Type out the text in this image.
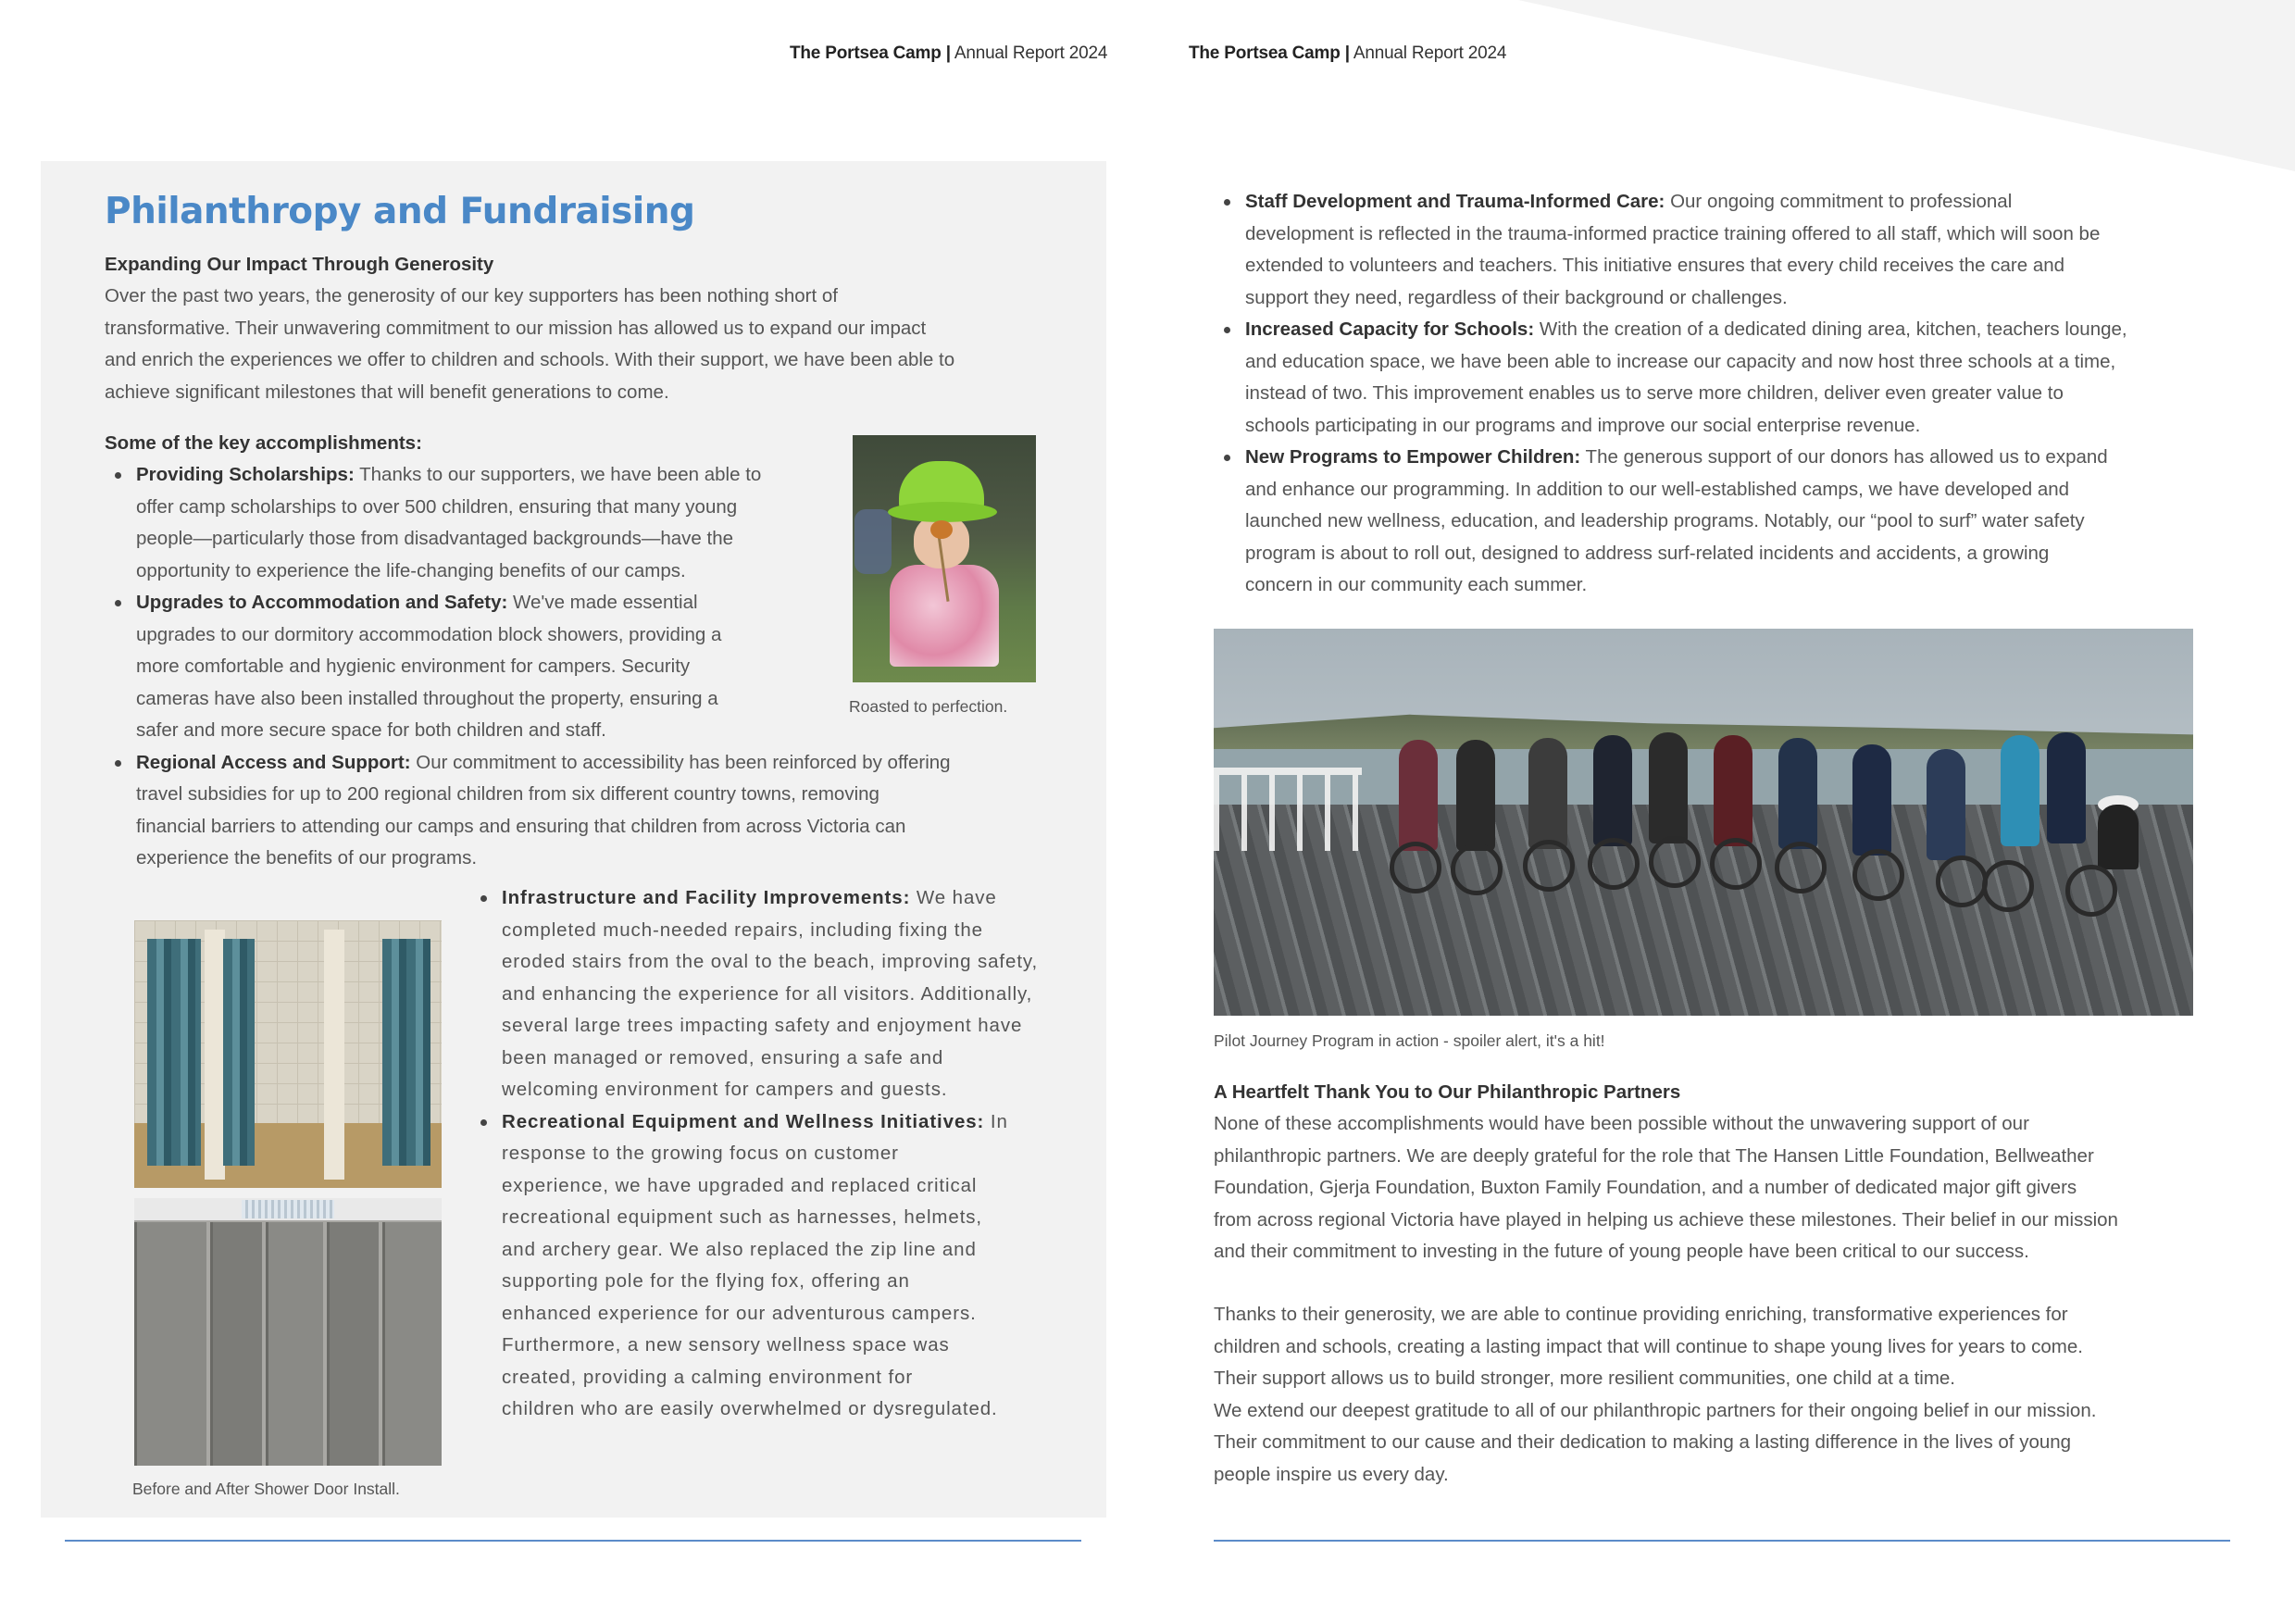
The Portsea Camp | Annual Report 2024	The Portsea Camp | Annual Report 2024
Philanthropy and Fundraising
Expanding Our Impact Through Generosity
Over the past two years, the generosity of our key supporters has been nothing short of
transformative. Their unwavering commitment to our mission has allowed us to expand our impact
and enrich the experiences we offer to children and schools. With their support, we have been able to
achieve significant milestones that will benefit generations to come.
Some of the key accomplishments:
Providing Scholarships: Thanks to our supporters, we have been able to
offer camp scholarships to over 500 children, ensuring that many young
people—particularly those from disadvantaged backgrounds—have the
opportunity to experience the life-changing benefits of our camps.
Upgrades to Accommodation and Safety: We've made essential
upgrades to our dormitory accommodation block showers, providing a
more comfortable and hygienic environment for campers. Security
cameras have also been installed throughout the property, ensuring a
safer and more secure space for both children and staff.
Regional Access and Support: Our commitment to accessibility has been reinforced by offering
travel subsidies for up to 200 regional children from six different country towns, removing
financial barriers to attending our camps and ensuring that children from across Victoria can
experience the benefits of our programs.
Roasted to perfection.
Before and After Shower Door Install.
Infrastructure and Facility Improvements: We have
completed much-needed repairs, including fixing the
eroded stairs from the oval to the beach, improving safety,
and enhancing the experience for all visitors. Additionally,
several large trees impacting safety and enjoyment have
been managed or removed, ensuring a safe and
welcoming environment for campers and guests.
Recreational Equipment and Wellness Initiatives: In
response to the growing focus on customer
experience, we have upgraded and replaced critical
recreational equipment such as harnesses, helmets,
and archery gear. We also replaced the zip line and
supporting pole for the flying fox, offering an
enhanced experience for our adventurous campers.
Furthermore, a new sensory wellness space was
created, providing a calming environment for
children who are easily overwhelmed or dysregulated.
Staff Development and Trauma-Informed Care: Our ongoing commitment to professional
development is reflected in the trauma-informed practice training offered to all staff, which will soon be
extended to volunteers and teachers. This initiative ensures that every child receives the care and
support they need, regardless of their background or challenges.
Increased Capacity for Schools: With the creation of a dedicated dining area, kitchen, teachers lounge,
and education space, we have been able to increase our capacity and now host three schools at a time,
instead of two. This improvement enables us to serve more children, deliver even greater value to
schools participating in our programs and improve our social enterprise revenue.
New Programs to Empower Children: The generous support of our donors has allowed us to expand
and enhance our programming. In addition to our well-established camps, we have developed and
launched new wellness, education, and leadership programs. Notably, our “pool to surf” water safety
program is about to roll out, designed to address surf-related incidents and accidents, a growing
concern in our community each summer.
Pilot Journey Program in action - spoiler alert, it's a hit!
A Heartfelt Thank You to Our Philanthropic Partners
None of these accomplishments would have been possible without the unwavering support of our
philanthropic partners. We are deeply grateful for the role that The Hansen Little Foundation, Bellweather
Foundation, Gjerja Foundation, Buxton Family Foundation, and a number of dedicated major gift givers
from across regional Victoria have played in helping us achieve these milestones. Their belief in our mission
and their commitment to investing in the future of young people have been critical to our success.
Thanks to their generosity, we are able to continue providing enriching, transformative experiences for
children and schools, creating a lasting impact that will continue to shape young lives for years to come.
Their support allows us to build stronger, more resilient communities, one child at a time.
We extend our deepest gratitude to all of our philanthropic partners for their ongoing belief in our mission.
Their commitment to our cause and their dedication to making a lasting difference in the lives of young
people inspire us every day.
